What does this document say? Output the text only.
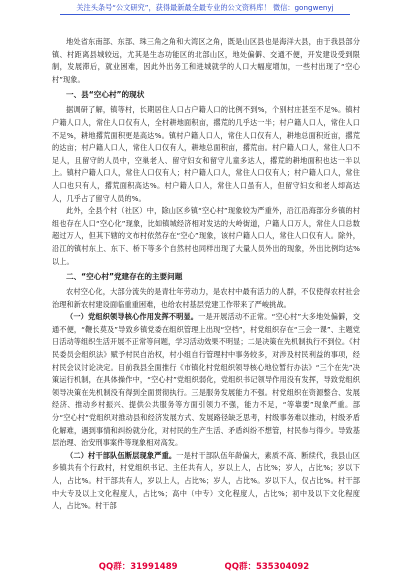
关注头条号“公文研究”，获得最新最全最专业的公文资料库！ 微信：gongwenyj

地处省东南部、东部、珠三角之角和大湾区之角，既是山区县也是海洋大县，由于我县部分镇、村距离县城较远，尤其是生态功能区的北部山区，地处偏僻、交通不便，开发建设受到限制，发展滞后，就业困难，因此外出务工和进城就学的人口大幅度增加，一些村出现了“空心村”现象。

一、县“空心村”的现状

据调研了解，镇等村，长期居住人口占户籍人口的比例不到%，个别村庄甚至不足%。镇村户籍人口人，常住人口仅有人，全村耕地面积亩，撂荒的几乎达一半；村户籍人口人，常住人口不足%，耕地撂荒面积更是高达%。镇村户籍人口人，常住人口仅有人，耕地总面积近亩，撂荒的达亩；村户籍人口人，常住人口仅有人，耕地总面积亩，撂荒亩。村户籍人口人，常住人口不足人，且留守的人员中，空巢老人、留守妇女和留守儿童多达人，撂荒的耕地面积也达一半以上。镇村户籍人口人，常住人口仅有人；村户籍人口人，常住人口仅有人；村户籍人口人，常住人口也只有人，撂荒面积高达%。村户籍人口人，常住人口虽有人，但留守妇女和老人却高达人，几乎占了留守人员的%。

此外，全县个村（社区）中，除山区乡镇“空心村”现象较为严重外，沿江沿海部分乡镇的村组也存在人口“空心化”现象，比如镇城经济相对发达的大岭街道，户籍人口万人，常住人口总数超过万人，但其下辖的文布村依然存在“空心”现象，该村户籍人口人，常住人口仅有人。除外，沿江的镇村东上、东下、桥下等多个自然村也同样出现了大量人员外出的现象，外出比例均达%以上。

二、“空心村”党建存在的主要问题

农村空心化，大部分流失的是青壮年劳动力，是农村中最有活力的人群，不仅使得农村社会治理和新农村建设面临重重困难，也给农村基层党建工作带来了严峻挑战。

（一）党组织领导核心作用发挥不明显。一是开展活动不正常。“空心村”大多地处偏僻，交通不便，“鞭长莫及”导致乡镇党委在组织管理上出现“空档”，村党组织存在“三会一课”、主题党日活动等组织生活开展不正常等问题，学习活动效果不明显；二是决策在先机制执行不到位。《村民委员会组织法》赋予村民自治权，村小组自行管理村中事务较多，对涉及村民利益的事项，经村民会议讨论决定。目前我县全面推行《市镇化村党组织领导核心地位暂行办法》“三个在先”决策运行机制，在具体操作中，“空心村”党组织弱化，党组织书记领导作用没有发挥，导致党组织领导决策在先机制没有得到全面贯彻执行。三是服务发展能力不强。村党组织在资源整合、发展经济、推动乡村振兴、提供公共服务等方面引领力不强，能力不足，“等靠要”现象严重。部分“空心村”党组织对推动县和经济发展方式、发展路径缺乏思考，村级事务难以推动，村级矛盾化解难，遇到事情和纠纷就分化，对村民的生产生活、矛盾纠纷不想管，村民参与得少。导致基层治理、治安刑事案件等现象相对高发。

（二）村干部队伍断层现象严重。一是村干部队伍年龄偏大，素质不高、断续代，我县山区乡镇共有个行政村，村党组织书记、主任共有人，岁以上人，占比%；岁人，占比%；岁以下人，占比%。村干部共有人，岁以上人，占比%；岁人，占比%。岁以下人，仅占比%。村干部中大专及以上文化程度人，占比%；高中（中专）文化程度人，占比%；初中及以下文化程度人，占比%。村干部

QQ群：31991489	QQ群：535304092
